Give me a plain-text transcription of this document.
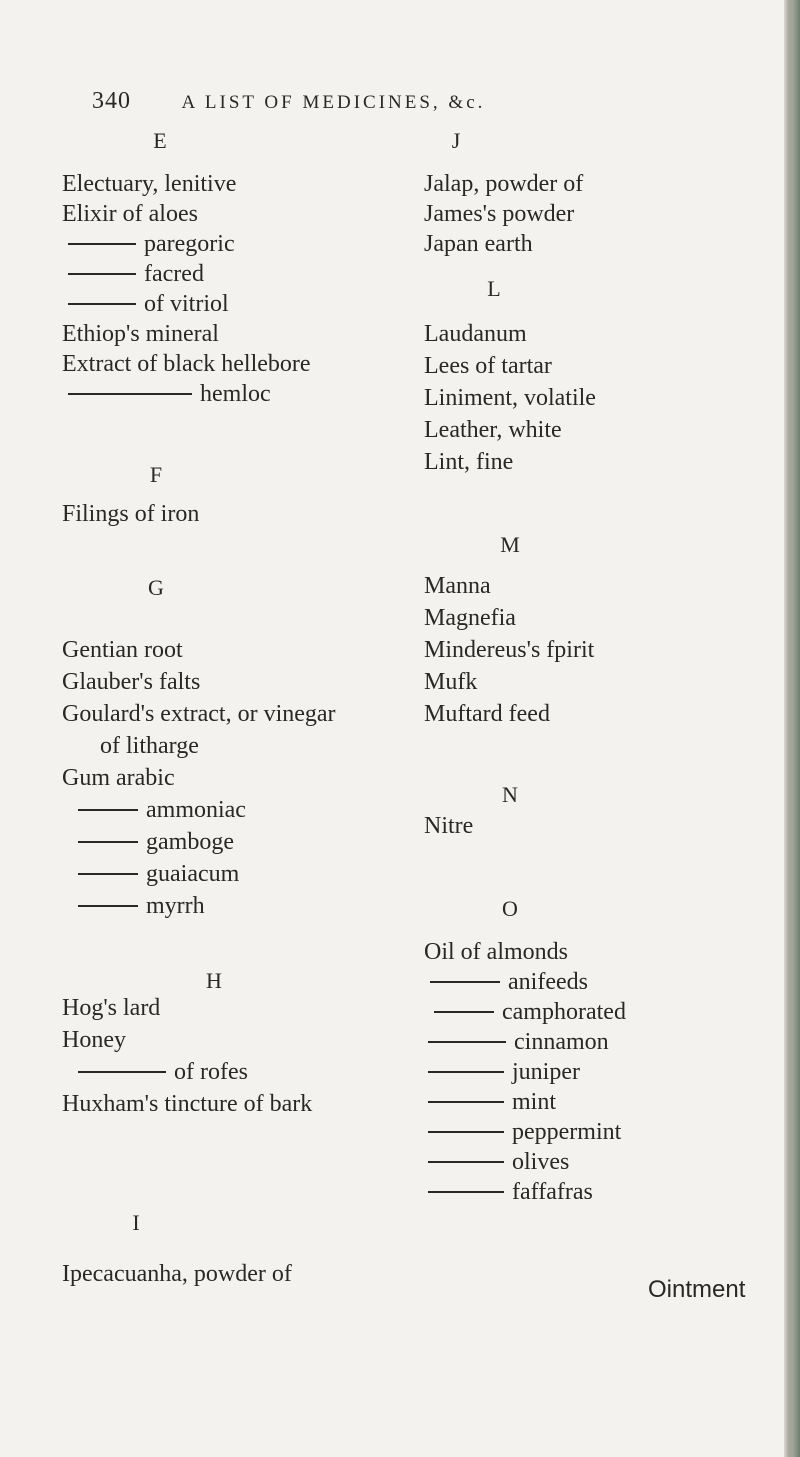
340	A LIST OF MEDICINES, &c.
E
Electuary, lenitive
Elixir of aloes
paregoric
facred
of vitriol
Ethiop's mineral
Extract of black hellebore
hemloc
F
Filings of iron
G
Gentian root
Glauber's falts
Goulard's extract, or vinegar
of litharge
Gum arabic
ammoniac
gamboge
guaiacum
myrrh
H
Hog's lard
Honey
of rofes
Huxham's tincture of bark
I
Ipecacuanha, powder of
J
Jalap, powder of
James's powder
Japan earth
L
Laudanum
Lees of tartar
Liniment, volatile
Leather, white
Lint, fine
M
Manna
Magnefia
Mindereus's fpirit
Mufk
Muftard feed
N
Nitre
O
Oil of almonds
anifeeds
camphorated
cinnamon
juniper
mint
peppermint
olives
faffafras
Ointment
